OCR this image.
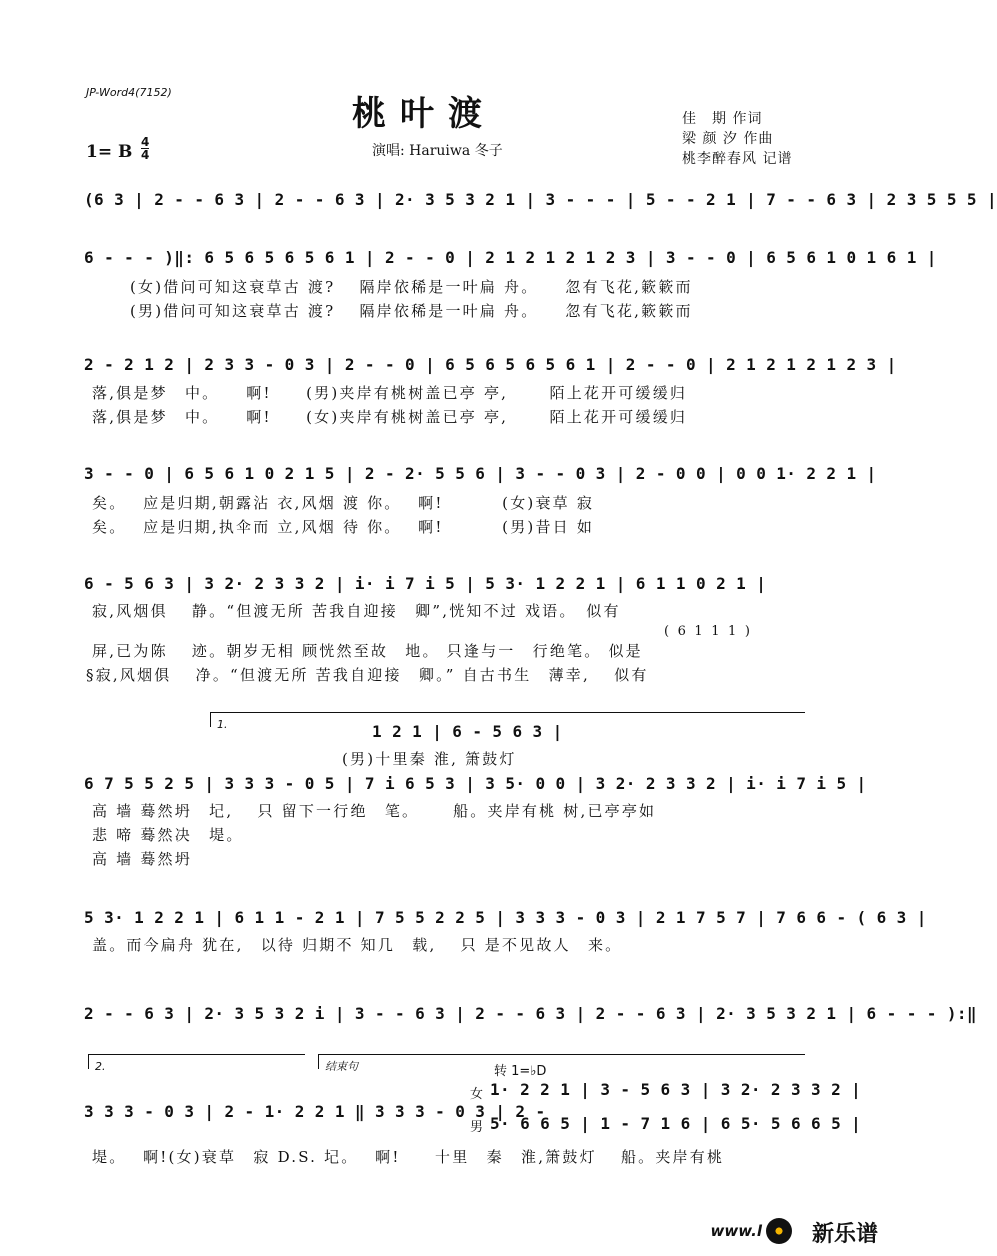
JP-Word4(7152)
桃叶渡
1= B 4
4	演唱: Haruiwa 冬子
佳　期 作词
梁 颜 汐 作曲
桃李醉春风 记谱
(6 3 | 2 - - 6 3 | 2 - - 6 3 | 2· 3 5 3 2 1 | 3 - - - | 5 - - 2 1 | 7 - - 6 3 | 2 3 5 5 5 |
6 - - - )‖: 6 5 6 5 6 5 6 1 | 2 - - 0 | 2 1 2 1 2 1 2 3 | 3 - - 0 | 6 5 6 1 0 1 6 1 |
(女)借问可知这衰草古 渡?　 隔岸依稀是一叶扁 舟。　　忽有飞花,簌簌而
(男)借问可知这衰草古 渡?　 隔岸依稀是一叶扁 舟。　　忽有飞花,簌簌而
2 - 2 1 2 | 2 3 3 - 0 3 | 2 - - 0 | 6 5 6 5 6 5 6 1 | 2 - - 0 | 2 1 2 1 2 1 2 3 |
落,俱是梦　中。　　啊!　　(男)夹岸有桃树盖已亭 亭,　　 陌上花开可缓缓归
落,俱是梦　中。　　啊!　　(女)夹岸有桃树盖已亭 亭,　　 陌上花开可缓缓归
3 - - 0 | 6 5 6 1 0 2 1 5 | 2 - 2· 5 5 6 | 3 - - 0 3 | 2 - 0 0 | 0 0 1· 2 2 1 |
矣。　 应是归期,朝露沾 衣,风烟 渡 你。　 啊!　　　 (女)衰草 寂
矣。　 应是归期,执伞而 立,风烟 待 你。　 啊!　　　 (男)昔日 如
6 - 5 6 3 | 3 2· 2 3 3 2 | i· i 7 i 5 | 5 3· 1 2 2 1 | 6 1 1 0 2 1 |
寂,风烟俱　 静。“但渡无所 苦我自迎接　卿”,恍知不过 戏语。　似有
( 6 1 1 1 )
屏,已为陈　 迹。朝岁无相 顾恍然至故　地。 只逢与一　行绝笔。 似是
§寂,风烟俱　 净。“但渡无所 苦我自迎接　卿。” 自古书生　薄幸,　 似有
1.	1 2 1 | 6 - 5 6 3 |
(男)十里秦 淮, 箫鼓灯
6 7 5 5 2 5 | 3 3 3 - 0 5 | 7 i 6 5 3 | 3 5· 0 0 | 3 2· 2 3 3 2 | i· i 7 i 5 |
高 墙 蓦然坍　圮,　 只 留下一行绝　笔。　　 船。夹岸有桃 树,已亭亭如
悲 啼 蓦然决　堤。
高 墙 蓦然坍
5 3· 1 2 2 1 | 6 1 1 - 2 1 | 7 5 5 2 2 5 | 3 3 3 - 0 3 | 2 1 7 5 7 | 7 6 6 - ( 6 3 |
盖。而今扁舟 犹在,　以待 归期不 知几　载,　 只 是不见故人　来。
2 - - 6 3 | 2· 3 5 3 2 i | 3 - - 6 3 | 2 - - 6 3 | 2 - - 6 3 | 2· 3 5 3 2 1 | 6 - - - ):‖
2.	结束句	转 1=♭D
3 3 3 - 0 3 | 2 - 1· 2 2 1 ‖ 3 3 3 - 0 3 | 2 -
女
男
1· 2 2 1 | 3 - 5 6 3 | 3 2· 2 3 3 2 |
5· 6 6 5 | 1 - 7 1 6 | 6 5· 5 6 6 5 |
堤。　 啊!(女)衰草　寂 D.S. 圮。　 啊!　　十里　秦　淮,箫鼓灯　 船。夹岸有桃
www.l 新乐谱
